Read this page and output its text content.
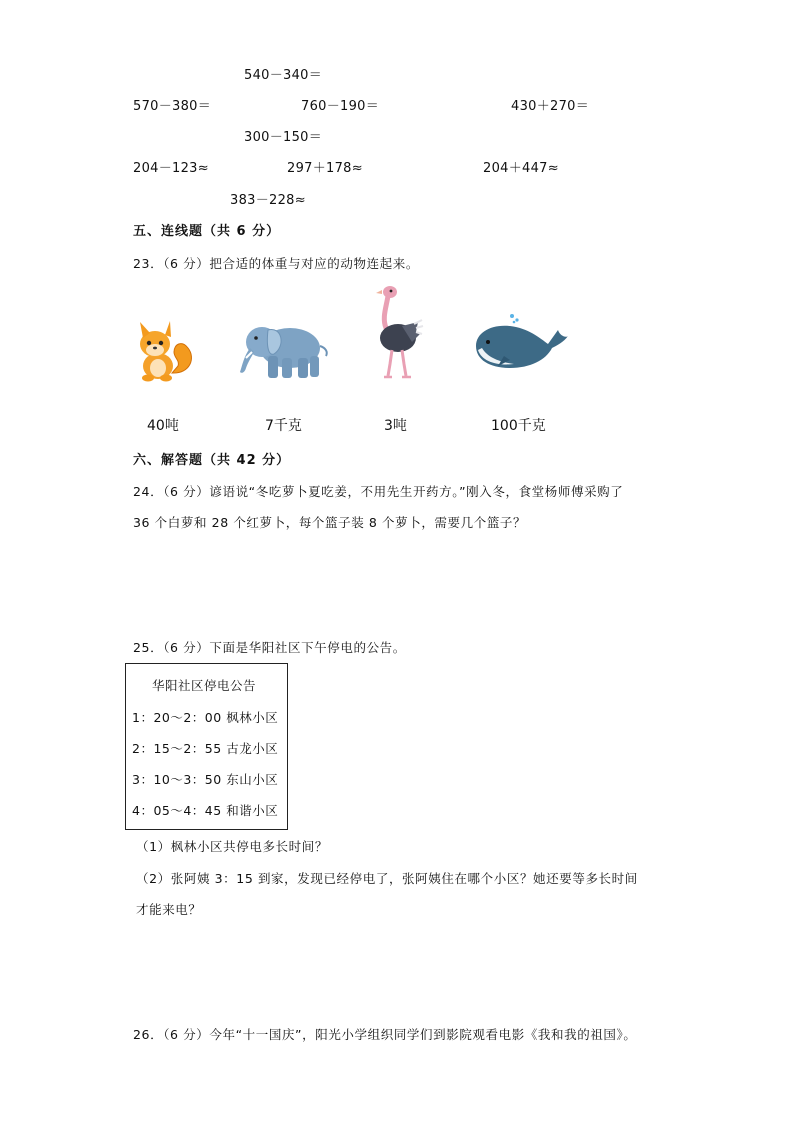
540－340＝
570－380＝	760－190＝	430＋270＝
300－150＝
204－123≈	297＋178≈	204＋447≈
383－228≈
五、连线题（共 6 分）
23．（6 分）把合适的体重与对应的动物连起来。
40吨	7千克	3吨	100千克
六、解答题（共 42 分）
24．（6 分）谚语说“冬吃萝卜夏吃姜，不用先生开药方。”刚入冬，食堂杨师傅采购了
36 个白萝和 28 个红萝卜，每个篮子装 8 个萝卜，需要几个篮子？
25．（6 分）下面是华阳社区下午停电的公告。
华阳社区停电公告
1：20～2：00 枫林小区
2：15～2：55 古龙小区
3：10～3：50 东山小区
4：05～4：45 和谐小区
（1）枫林小区共停电多长时间？
（2）张阿姨 3：15 到家，发现已经停电了，张阿姨住在哪个小区？她还要等多长时间
才能来电？
26．（6 分）今年“十一国庆”，阳光小学组织同学们到影院观看电影《我和我的祖国》。
